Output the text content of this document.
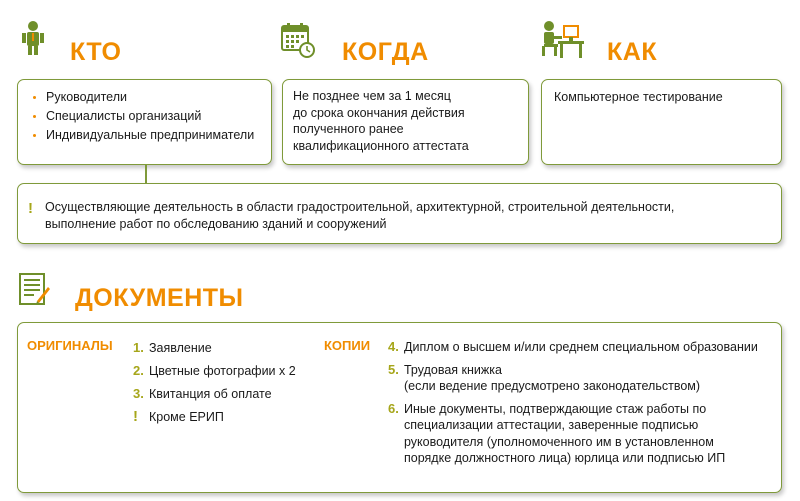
КТО
• Руководители
• Специалисты организаций
• Индивидуальные предприниматели
КОГДА
Не позднее чем за 1 месяц
до срока окончания действия
полученного ранее
квалификационного аттестата
КАК
Компьютерное тестирование
! Осуществляющие деятельность в области градостроительной, архитектурной, строительной деятельности,
выполнение работ по обследованию зданий и сооружений
ДОКУМЕНТЫ
ОРИГИНАЛЫ 1. Заявление
2. Цветные фотографии х 2
3. Квитанция об оплате
! Кроме ЕРИП
КОПИИ 4. Диплом о высшем и/или среднем специальном образовании
5. Трудовая книжка
(если ведение предусмотрено законодательством)
6. Иные документы, подтверждающие стаж работы по
специализации аттестации, заверенные подписью
руководителя (уполномоченного им в установленном
порядке должностного лица) юрлица или подписью ИП
